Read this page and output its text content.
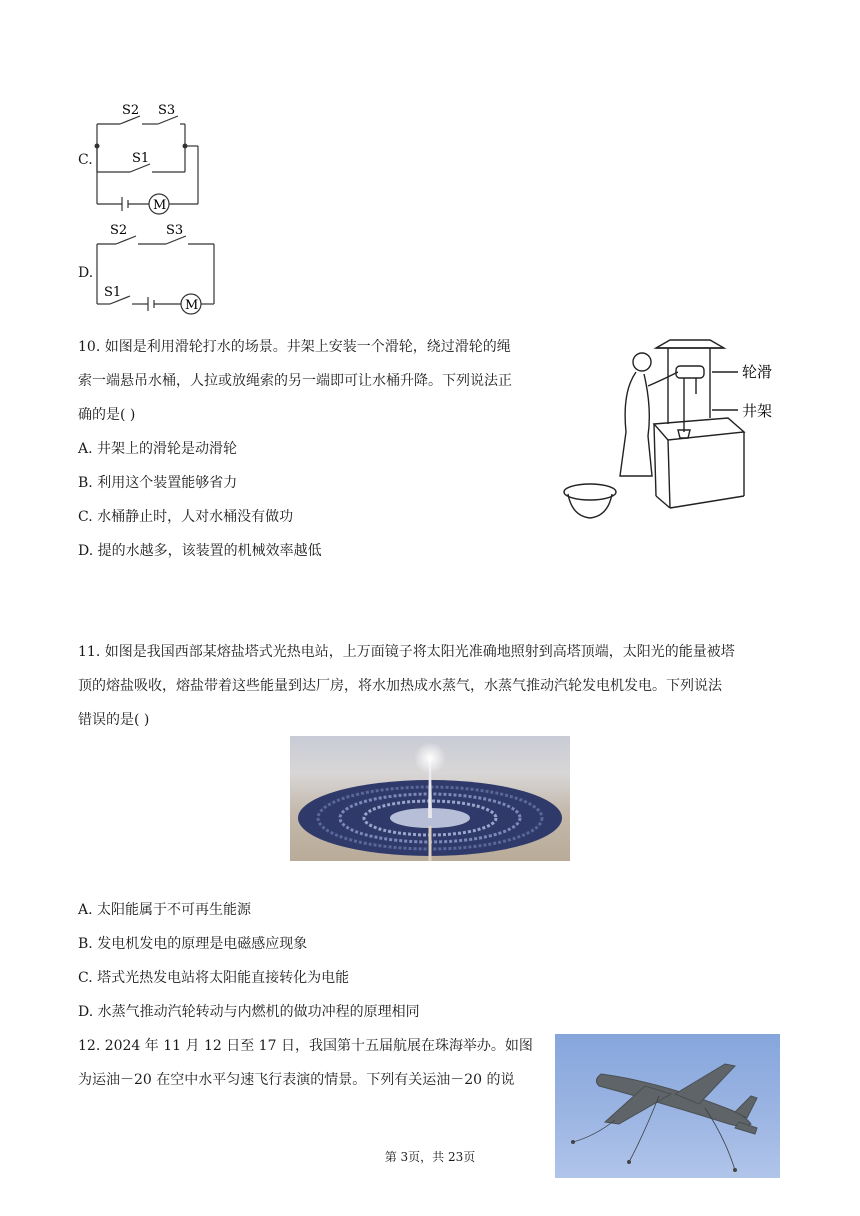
C.
S2 S3
S1
M
D.
S2	S3
S1
M
10. 如图是利用滑轮打水的场景。井架上安装一个滑轮，绕过滑轮的绳
索一端悬吊水桶，人拉或放绳索的另一端即可让水桶升降。下列说法正
确的是( )
A. 井架上的滑轮是动滑轮
B. 利用这个装置能够省力
C. 水桶静止时，人对水桶没有做功
D. 提的水越多，该装置的机械效率越低
轮滑
井架
11. 如图是我国西部某熔盐塔式光热电站，上万面镜子将太阳光准确地照射到高塔顶端，太阳光的能量被塔
顶的熔盐吸收，熔盐带着这些能量到达厂房，将水加热成水蒸气，水蒸气推动汽轮发电机发电。下列说法
错误的是( )
A. 太阳能属于不可再生能源
B. 发电机发电的原理是电磁感应现象
C. 塔式光热发电站将太阳能直接转化为电能
D. 水蒸气推动汽轮转动与内燃机的做功冲程的原理相同
12. 2024 年 11 月 12 日至 17 日，我国第十五届航展在珠海举办。如图
为运油－20 在空中水平匀速飞行表演的情景。下列有关运油－20 的说
第 3页，共 23页
